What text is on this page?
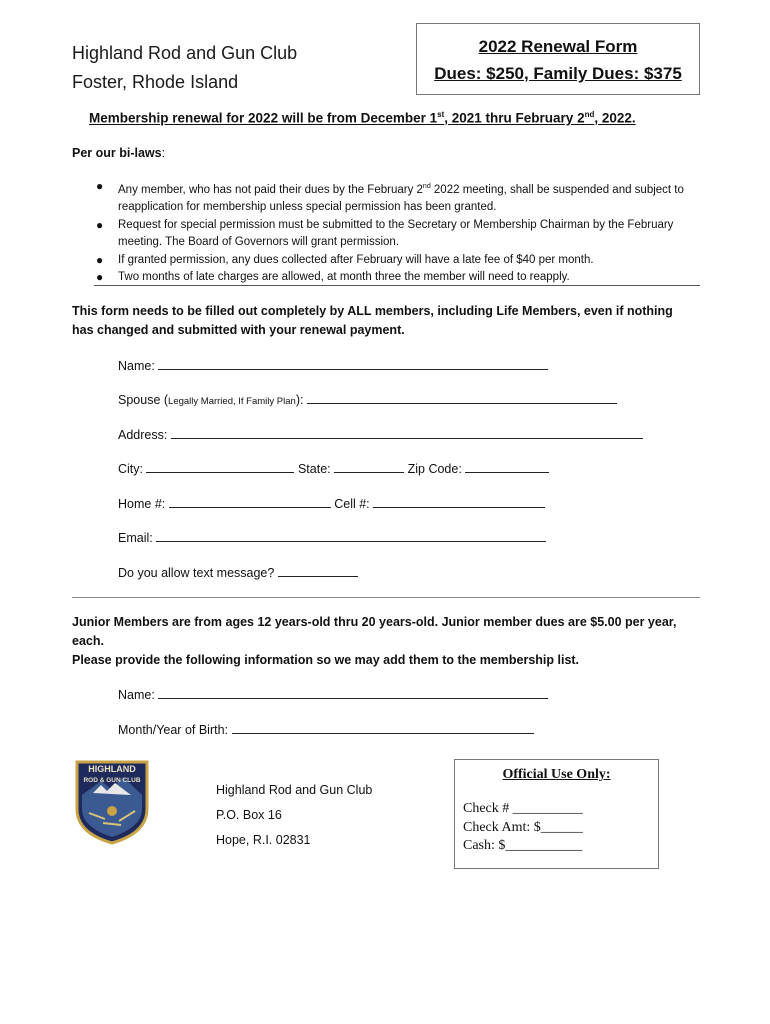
Highland Rod and Gun Club
Foster, Rhode Island
2022 Renewal Form
Dues: $250, Family Dues: $375
Membership renewal for 2022 will be from December 1st, 2021 thru February 2nd, 2022.
Per our bi-laws:
● Any member, who has not paid their dues by the February 2nd 2022 meeting, shall be suspended and subject to reapplication for membership unless special permission has been granted.
● Request for special permission must be submitted to the Secretary or Membership Chairman by the February meeting. The Board of Governors will grant permission.
● If granted permission, any dues collected after February will have a late fee of $40 per month.
● Two months of late charges are allowed, at month three the member will need to reapply.
This form needs to be filled out completely by ALL members, including Life Members, even if nothing has changed and submitted with your renewal payment.
Name:
Spouse (Legally Married, If Family Plan):
Address:
City:	State:	Zip Code:
Home #:	Cell #:
Email:
Do you allow text message?
Junior Members are from ages 12 years-old thru 20 years-old. Junior member dues are $5.00 per year, each.
Please provide the following information so we may add them to the membership list.
Name:
Month/Year of Birth:
HIGHLAND
ROD & GUN CLUB
Highland Rod and Gun Club
P.O. Box 16
Hope, R.I. 02831
Official Use Only:
Check # __________
Check Amt: $______
Cash: $___________
